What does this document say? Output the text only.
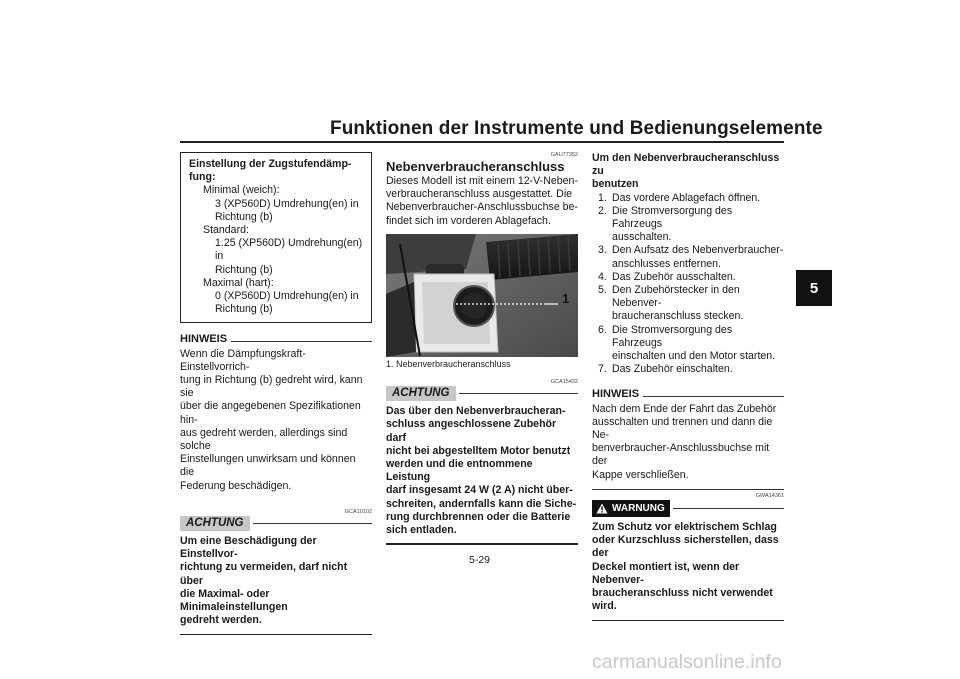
Funktionen der Instrumente und Bedienungselemente
5
Einstellung der Zugstufendämp-
fung:
Minimal (weich):
3 (XP560D) Umdrehung(en) in
Richtung (b)
Standard:
1.25 (XP560D) Umdrehung(en) in
Richtung (b)
Maximal (hart):
0 (XP560D) Umdrehung(en) in
Richtung (b)
HINWEIS
Wenn die Dämpfungskraft-Einstellvorrich-
tung in Richtung (b) gedreht wird, kann sie
über die angegebenen Spezifikationen hin-
aus gedreht werden, allerdings sind solche
Einstellungen unwirksam und können die
Federung beschädigen.
GCA10102
ACHTUNG
Um eine Beschädigung der Einstellvor-
richtung zu vermeiden, darf nicht über
die Maximal- oder Minimaleinstellungen
gedreht werden.
GAU77352
Nebenverbraucheranschluss
Dieses Modell ist mit einem 12-V-Neben-
verbraucheranschluss ausgestattet. Die
Nebenverbraucher-Anschlussbuchse be-
findet sich im vorderen Ablagefach.
1
1. Nebenverbraucheranschluss
GCA15432
ACHTUNG
Das über den Nebenverbraucheran-
schluss angeschlossene Zubehör darf
nicht bei abgestelltem Motor benutzt
werden und die entnommene Leistung
darf insgesamt 24 W (2 A) nicht über-
schreiten, andernfalls kann die Siche-
rung durchbrennen oder die Batterie
sich entladen.
Um den Nebenverbraucheranschluss zu
benutzen
1. Das vordere Ablagefach öffnen.
2. Die Stromversorgung des Fahrzeugs
ausschalten.
3. Den Aufsatz des Nebenverbraucher-
anschlusses entfernen.
4. Das Zubehör ausschalten.
5. Den Zubehörstecker in den Nebenver-
braucheranschluss stecken.
6. Die Stromversorgung des Fahrzeugs
einschalten und den Motor starten.
7. Das Zubehör einschalten.
HINWEIS
Nach dem Ende der Fahrt das Zubehör
ausschalten und trennen und dann die Ne-
benverbraucher-Anschlussbuchse mit der
Kappe verschließen.
GWA14361
WARNUNG
Zum Schutz vor elektrischem Schlag
oder Kurzschluss sicherstellen, dass der
Deckel montiert ist, wenn der Nebenver-
braucheranschluss nicht verwendet
wird.
5-29
carmanualsonline.info
